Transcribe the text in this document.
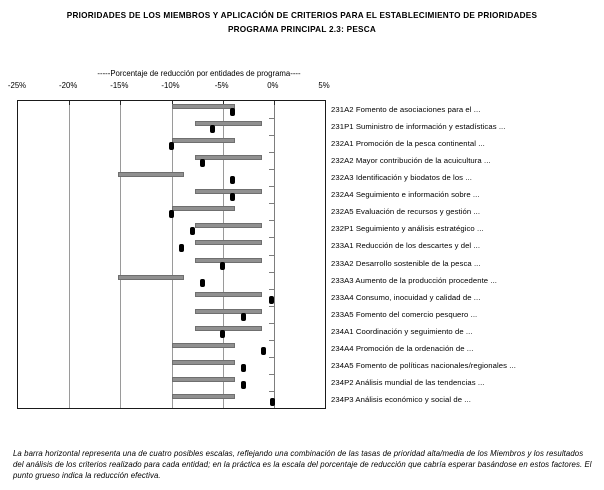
PRIORIDADES DE LOS MIEMBROS Y APLICACIÓN DE CRITERIOS PARA EL ESTABLECIMIENTO DE PRIORIDADES
PROGRAMA PRINCIPAL 2.3: PESCA
-----Porcentaje de reducción por entidades de programa----
-25%	-20%	-15%	-10%	-5%	0%	5%
231A2 Fomento de asociaciones para el ...
231P1 Suministro de información y estadísticas ...
232A1 Promoción de la pesca continental ...
232A2 Mayor contribución de la acuicultura ...
232A3 Identificación y biodatos de los ...
232A4 Seguimiento e información sobre ...
232A5 Evaluación de recursos y gestión ...
232P1 Seguimiento y análisis estratégico ...
233A1 Reducción de los descartes y del ...
233A2 Desarrollo sostenible de la pesca ...
233A3 Aumento de la producción procedente ...
233A4 Consumo, inocuidad y calidad de ...
233A5 Fomento del comercio pesquero ...
234A1 Coordinación y seguimiento de ...
234A4 Promoción de la ordenación de ...
234A5 Fomento de políticas nacionales/regionales ...
234P2 Análisis mundial de las tendencias ...
234P3 Análisis económico y social de ...
La barra horizontal representa una de cuatro posibles escalas, reflejando una combinación de las tasas de prioridad alta/media de los Miembros y los resultados del análisis de los criterios realizado para cada entidad; en la práctica es la escala del porcentaje de reducción que cabría esperar basándose en estos factores. El punto grueso indica la reducción efectiva.
